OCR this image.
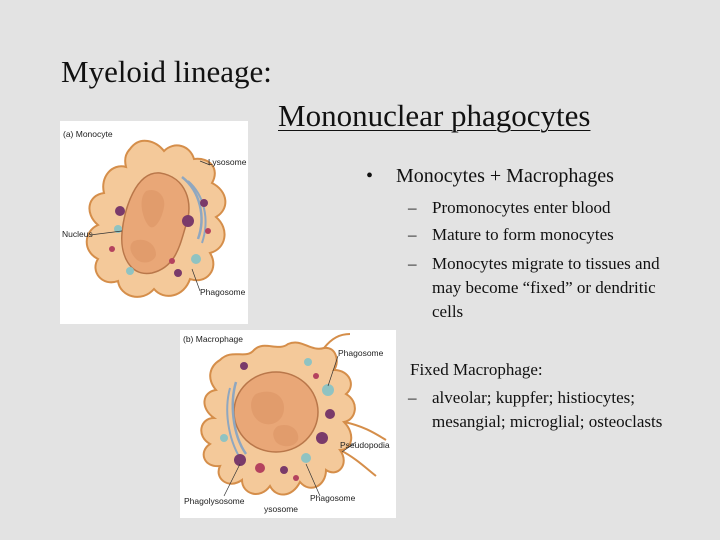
Myeloid lineage:
Mononuclear phagocytes
• Monocytes + Macrophages
– Promonocytes enter blood
– Mature to form monocytes
– Monocytes migrate to tissues and may become “fixed” or dendritic cells
Fixed Macrophage:
– alveolar; kuppfer; histiocytes; mesangial; microglial; osteoclasts
(a) Monocyte
Lysosome
Nucleus
Phagosome
(b) Macrophage
Phagosome
Pseudopodia
Phagolysosome	Phagosome
ysosome
